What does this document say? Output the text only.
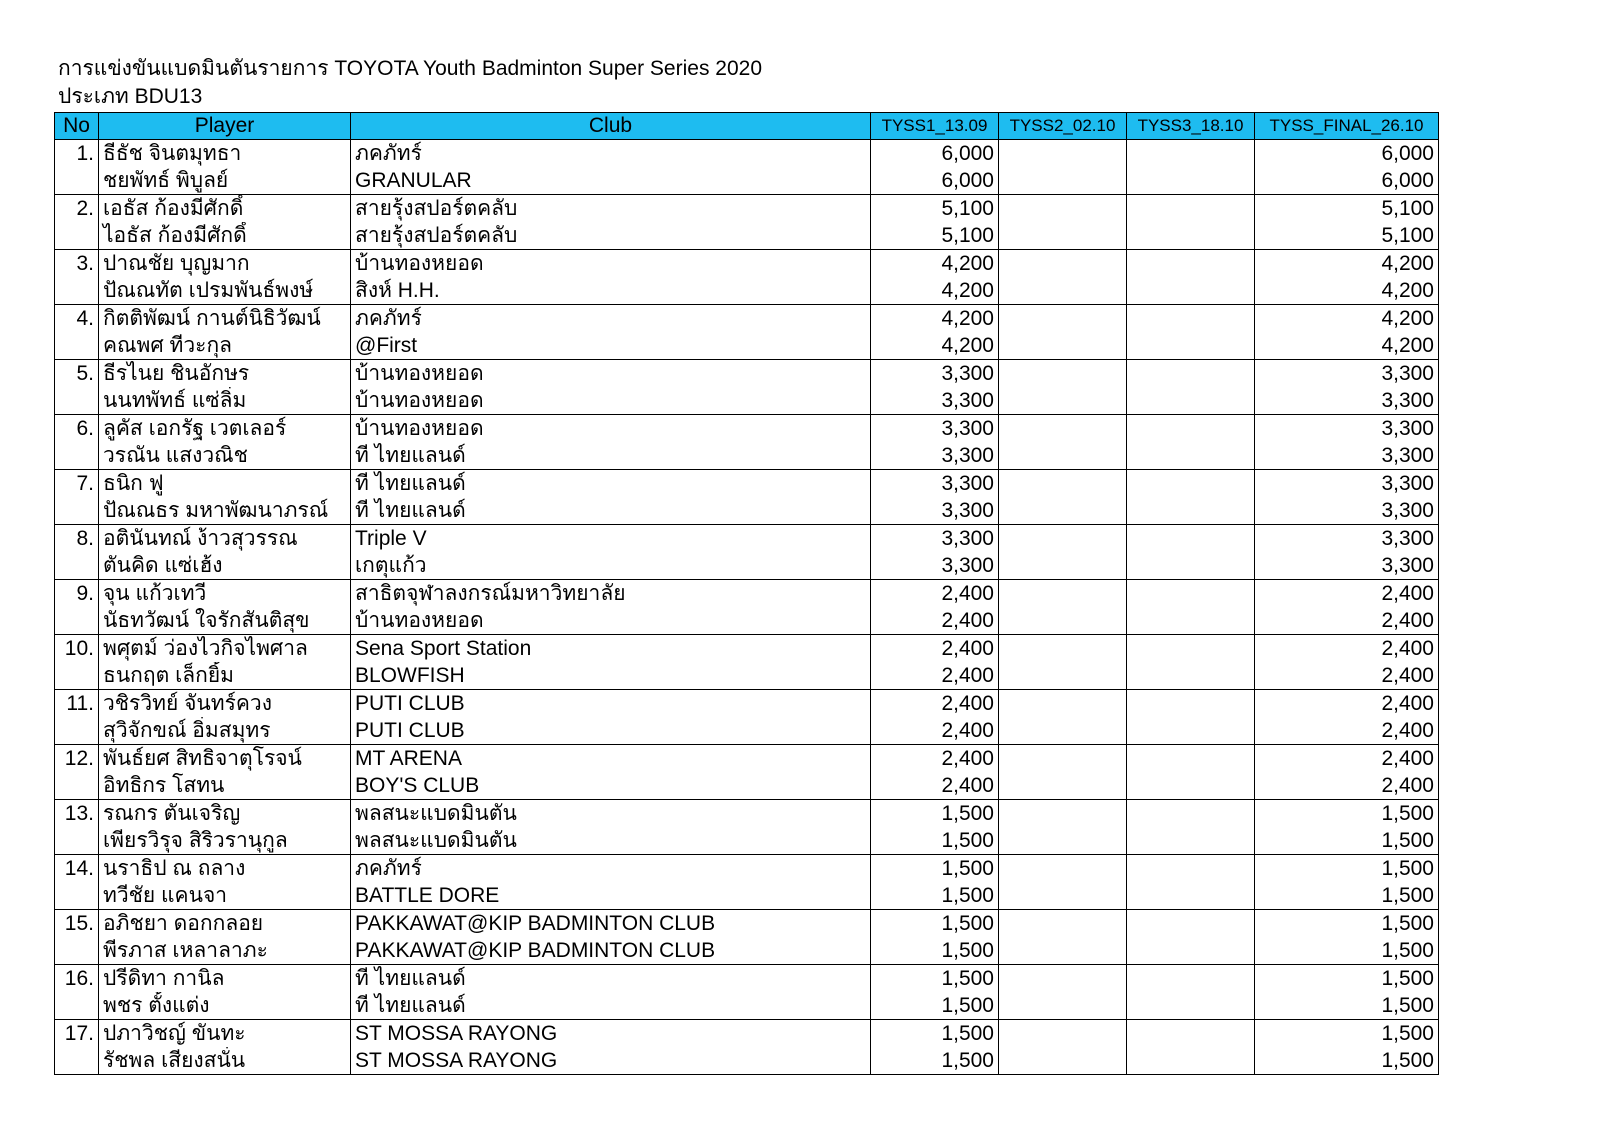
การแข่งขันแบดมินตันรายการ TOYOTA Youth Badminton Super Series 2020
ประเภท BDU13
No	Player	Club	TYSS1_13.09	TYSS2_02.10	TYSS3_18.10	TYSS_FINAL_26.10
1.	ธีธัช จินตมุทธา	ภคภัทร์	6,000			6,000
	ชยพัทธ์ พิบูลย์	GRANULAR	6,000			6,000
2.	เอธัส ก้องมีศักดิ์	สายรุ้งสปอร์ตคลับ	5,100			5,100
	ไอธัส ก้องมีศักดิ์	สายรุ้งสปอร์ตคลับ	5,100			5,100
3.	ปาณชัย บุญมาก	บ้านทองหยอด	4,200			4,200
	ปัณณทัต เปรมพันธ์พงษ์	สิงห์ H.H.	4,200			4,200
4.	กิตติพัฒน์ กานต์นิธิวัฒน์	ภคภัทร์	4,200			4,200
	คณพศ ทีวะกุล	@First	4,200			4,200
5.	ธีรไนย ชินอักษร	บ้านทองหยอด	3,300			3,300
	นนทพัทธ์ แซ่ลิ่ม	บ้านทองหยอด	3,300			3,300
6.	ลูคัส เอกรัฐ เวตเลอร์	บ้านทองหยอด	3,300			3,300
	วรณัน แสงวณิช	ที ไทยแลนด์	3,300			3,300
7.	ธนิก ฟู	ที ไทยแลนด์	3,300			3,300
	ปัณณธร มหาพัฒนาภรณ์	ที ไทยแลนด์	3,300			3,300
8.	อตินันทณ์ ง้าวสุวรรณ	Triple V	3,300			3,300
	ตันคิด แซ่เฮ้ง	เกตุแก้ว	3,300			3,300
9.	จุน แก้วเทวี	สาธิตจุฬาลงกรณ์มหาวิทยาลัย	2,400			2,400
	นัธทวัฒน์ ใจรักสันติสุข	บ้านทองหยอด	2,400			2,400
10.	พศุตม์ ว่องไวกิจไพศาล	Sena Sport Station	2,400			2,400
	ธนกฤต เล็กยิ้ม	BLOWFISH	2,400			2,400
11.	วชิรวิทย์ จันทร์ควง	PUTI CLUB	2,400			2,400
	สุวิจักขณ์ อิ่มสมุทร	PUTI CLUB	2,400			2,400
12.	พันธ์ยศ สิทธิจาตุโรจน์	MT ARENA	2,400			2,400
	อิทธิกร โสทน	BOY'S CLUB	2,400			2,400
13.	รณกร ตันเจริญ	พลสนะแบดมินตัน	1,500			1,500
	เพียรวิรุจ สิริวรานุกูล	พลสนะแบดมินตัน	1,500			1,500
14.	นราธิป ณ ถลาง	ภคภัทร์	1,500			1,500
	ทวีชัย แคนจา	BATTLE DORE	1,500			1,500
15.	อภิชยา ดอกกลอย	PAKKAWAT@KIP BADMINTON CLUB	1,500			1,500
	พีรภาส เหลาลาภะ	PAKKAWAT@KIP BADMINTON CLUB	1,500			1,500
16.	ปรีดิทา กานิล	ที ไทยแลนด์	1,500			1,500
	พชร ตั้งแต่ง	ที ไทยแลนด์	1,500			1,500
17.	ปภาวิชญ์ ขันทะ	ST MOSSA RAYONG	1,500			1,500
	รัชพล เสียงสนั่น	ST MOSSA RAYONG	1,500			1,500
